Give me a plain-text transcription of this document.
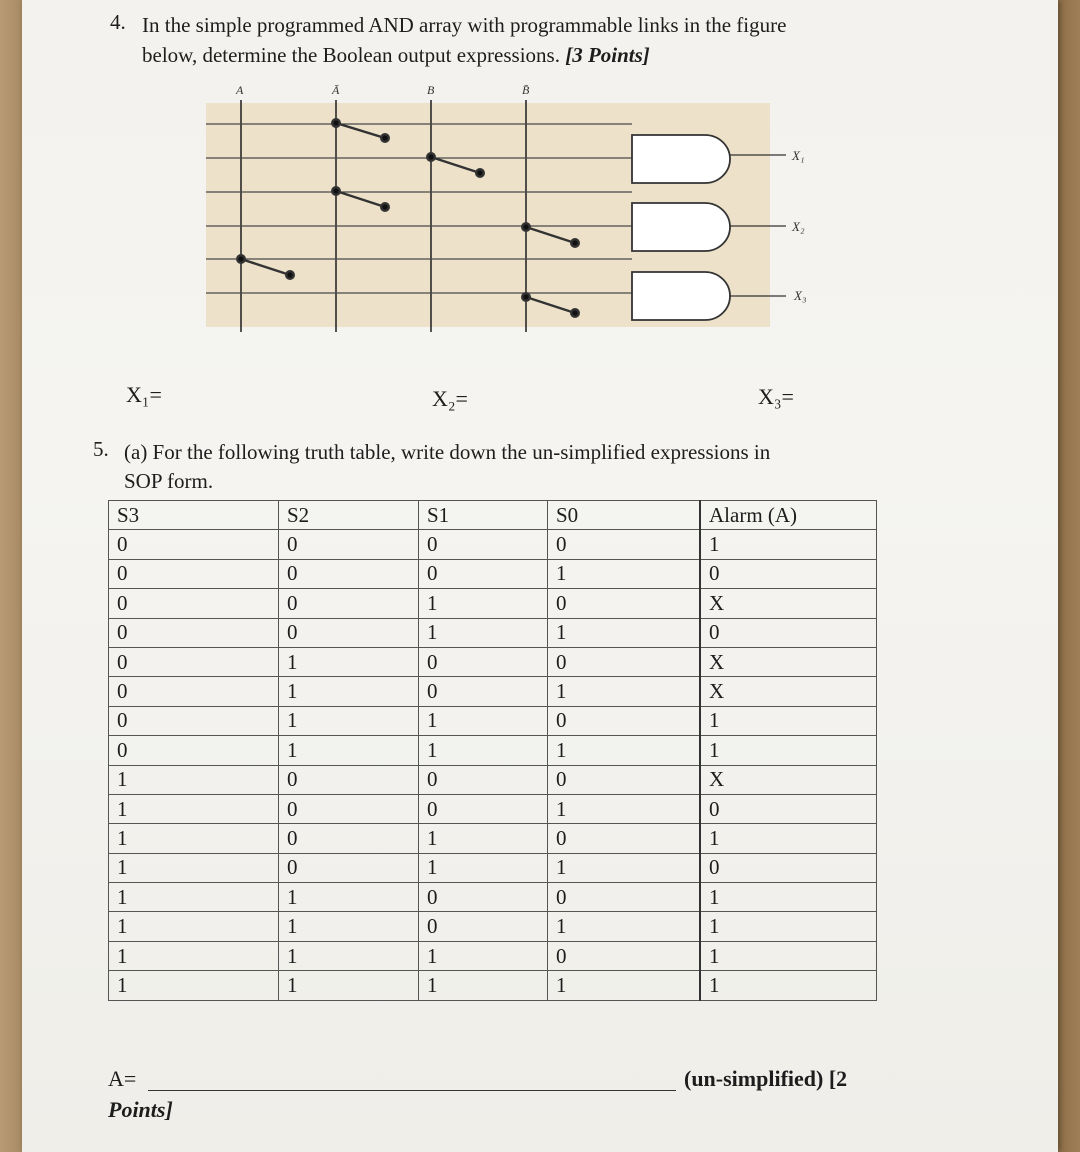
4. In the simple programmed AND array with programmable links in the figure
below, determine the Boolean output expressions. [3 Points]
A	Ā	B	B̄
X₁
X₂
X₃
X₁=	X₂=	X₃=
5. (a) For the following truth table, write down the un-simplified expressions in
SOP form.
S3	S2	S1	S0	Alarm (A)
0	0	0	0	1
0	0	0	1	0
0	0	1	0	X
0	0	1	1	0
0	1	0	0	X
0	1	0	1	X
0	1	1	0	1
0	1	1	1	1
1	0	0	0	X
1	0	0	1	0
1	0	1	0	1
1	0	1	1	0
1	1	0	0	1
1	1	0	1	1
1	1	1	0	1
1	1	1	1	1
A=	(un-simplified) [2
Points]
